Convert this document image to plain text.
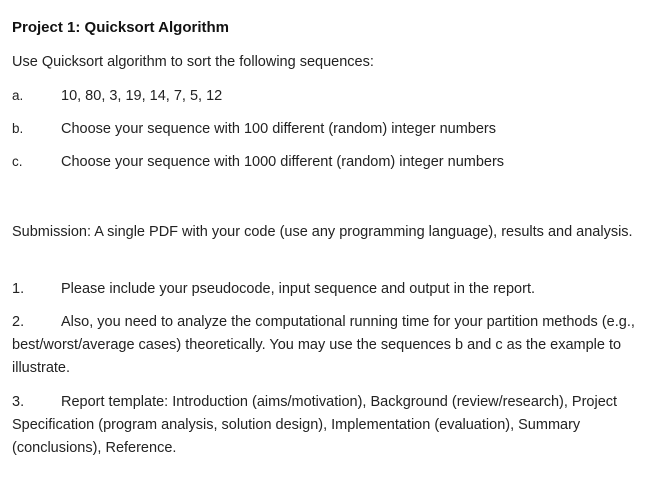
Project 1: Quicksort Algorithm
Use Quicksort algorithm to sort the following sequences:
a.	10, 80, 3, 19, 14, 7, 5, 12
b.	Choose your sequence with 100 different (random) integer numbers
c.	Choose your sequence with 1000 different (random) integer numbers
Submission: A single PDF with your code (use any programming language), results and analysis.
1.	Please include your pseudocode, input sequence and output in the report.
2.	Also, you need to analyze the computational running time for your partition methods (e.g., best/worst/average cases) theoretically. You may use the sequences b and c as the example to illustrate.
3.	Report template: Introduction (aims/motivation), Background (review/research), Project Specification (program analysis, solution design), Implementation (evaluation), Summary (conclusions), Reference.
